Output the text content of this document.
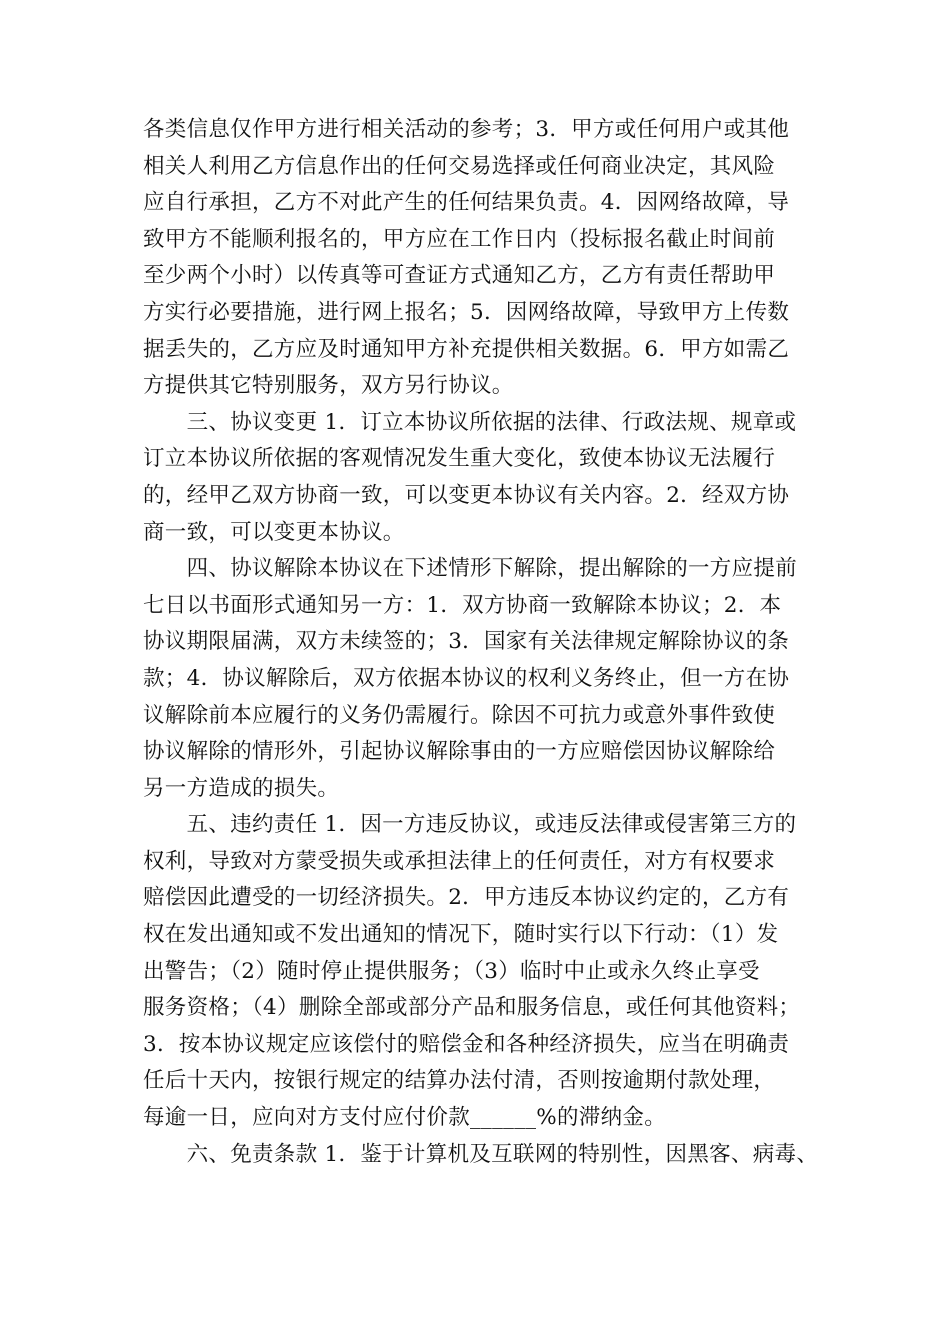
各类信息仅作甲方进行相关活动的参考；3．甲方或任何用户或其他
相关人利用乙方信息作出的任何交易选择或任何商业决定，其风险
应自行承担，乙方不对此产生的任何结果负责。4．因网络故障，导
致甲方不能顺利报名的，甲方应在工作日内（投标报名截止时间前
至少两个小时）以传真等可查证方式通知乙方，乙方有责任帮助甲
方实行必要措施，进行网上报名；5．因网络故障，导致甲方上传数
据丢失的，乙方应及时通知甲方补充提供相关数据。6．甲方如需乙
方提供其它特别服务，双方另行协议。
　　三、协议变更 1．订立本协议所依据的法律、行政法规、规章或
订立本协议所依据的客观情况发生重大变化，致使本协议无法履行
的，经甲乙双方协商一致，可以变更本协议有关内容。2．经双方协
商一致，可以变更本协议。
　　四、协议解除本协议在下述情形下解除，提出解除的一方应提前
七日以书面形式通知另一方：1．双方协商一致解除本协议；2．本
协议期限届满，双方未续签的；3．国家有关法律规定解除协议的条
款；4．协议解除后，双方依据本协议的权利义务终止，但一方在协
议解除前本应履行的义务仍需履行。除因不可抗力或意外事件致使
协议解除的情形外，引起协议解除事由的一方应赔偿因协议解除给
另一方造成的损失。
　　五、违约责任 1．因一方违反协议，或违反法律或侵害第三方的
权利，导致对方蒙受损失或承担法律上的任何责任，对方有权要求
赔偿因此遭受的一切经济损失。2．甲方违反本协议约定的，乙方有
权在发出通知或不发出通知的情况下，随时实行以下行动：（1）发
出警告；（2）随时停止提供服务；（3）临时中止或永久终止享受
服务资格；（4）删除全部或部分产品和服务信息，或任何其他资料；
3．按本协议规定应该偿付的赔偿金和各种经济损失，应当在明确责
任后十天内，按银行规定的结算办法付清，否则按逾期付款处理，
每逾一日，应向对方支付应付价款______%的滞纳金。
　　六、免责条款 1．鉴于计算机及互联网的特别性，因黑客、病毒、
